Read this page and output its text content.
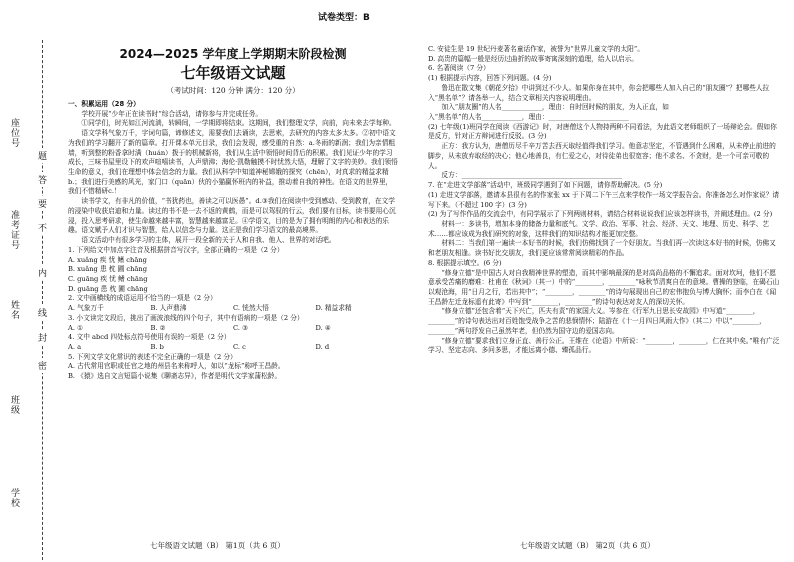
座位号
准考证号
姓名
班级
学校
题
答
要
不
内
线
封
密
试卷类型：B
2024—2025 学年度上学期期末阶段检测
七年级语文试题
（考试时间：120 分钟 满分：120 分）

一、积累运用（28 分）

学校开展“少年正在读书时”综合活动，请你参与并完成任务。

①同学们，时光如江河流淌，转瞬间，一学期即将结束。这期间，我们整理文学，向前，向未来去学每种。

语文学科气象万千，字词句篇，谛修述文，需要我们去诵读，去思索，去研究的内容太多太多。②初中语文为我们的学习翻开了新的篇章。打开课本单元目录，我们会发现，感受重的自然：a.冬雨的新润；我们为亲情粗墙，听到整的粉香拿时满（huán）拨于的机械新将，我们从生活中领悟时间背后的积累。我们见证少年的学习成长，三味书屋里设下的欢声喧嘻读书，人声鼎沸；海伦·凯勒触摸不时忧然大悟，理解了文字的美妙。我们领悟生命的意义，我们在理想中体会信念的力量。我们从科学中知道神秘嫦娥的探究（chēn），对真求的精益求精b.；我们进行美感的风光，家门口（quān）伙的小猫赢怀班内的补益，推动着自我的神性。在语文的世界里，我们不惜精研c.！

读书学文，有非凡的价值，“书犹药也，善读之可以医愚”。d.③我们在阅读中受到感动、受到教育，在文学的浸染中收获启迪和力量。读过的书不是一去不返的黄鹤，而是可以驾驭的行云，我们要有目标，读书要用心沉浸，投入思考研求，使生命越来越丰富，智慧越来越富足。④学语文，目的是为了拥有明朗的内心和表达的乐趣。语文赋予人们才识与智慧，给人以信念与力量。这正是我们学习语文的最高境界。

语文活动中有很多学习的主体，展开一段全新的关于人和自我、他人、世界的对话吧。

1. 下列给文中加点字注音及根据拼音写汉字，全部正确的一项是（2 分）

A. xuǎng 疾 忧 鳍 chāng

B. xuǎng 患 枕 圃 chāng

C. guāng 疾 忧 鳍 chāng

D. guāng 患 枕 圃 chāng

2. 文中画横线的成语运用不恰当的一项是（2 分）

A. 气象万千	B. 人声鼎沸	C. 恍然大悟	D. 精益求精

3. 小文读完文段后，挑出了画波浪线的四个句子，其中有语病的一项是（2 分）

A. ①	B. ②	C. ③	D. ④

4. 文中 abcd 四处标点符号使用有误的一项是（2 分）

A. a	B. b	C. c	D. d

5. 下列文学文化常识的表述不完全正确的一项是（2 分）

A. 古代常用官职或任官之地的州县名来称呼人，如以“龙标”称呼王昌龄。

B. 《猿》选自文言短篇小说集《聊斋志异》，作者是明代文学家蒲松龄。

C. 安徒生是 19 世纪丹麦著名童话作家，被誉为“世界儿童文学的太阳”。

D. 高贵的篇幅一般是经历过曲折的故事寄寓深刻的道理，给人以启示。

6. 名著阅读（7 分）

(1) 根据提示内容，回答下列问题。(4 分)

鲁迅在散文集《朝花夕拾》中讲到过不少人。如果你身在其中，你会把哪些人加入自己的“朋友圈”？把哪些人拉入“黑名单”？请各举一人，结合文章相关内容说明理由。

加入“朋友圈”的人名____________，理由：自时回时候的朋友，为人正直，如

入“黑名单”的人名____________，理由：________________________

(2) 七年级(1)班同学在阅读《西游记》时，对唐僧这个人物持两种不同看法，为此语文老师组织了一场辩论会。假如你是反方，针对正方辩词进行反驳。(3 分)

正方：我方认为，唐僧历尽千辛万苦去西天取经值得我们学习。他意志坚定，不管遇到什么困难，从未停止前进的脚步，从未放弃取经的决心；他心地善良，有仁爱之心，对待徒弟也很宽容；他不求名、不贪财，是一个可亲可敬的人。

反方：________________________________________________

7. 在“走进文学部落”活动中，班级同学遇到了如下问题，请你帮助解决。(5 分)

(1) 走进文学部落，邀请本县很有名的作家张 xx 于下周二下午三点来学校作一场文学报告会。你准备怎么对作家说？请写下来。（不超过 100 字）(3 分)

(2) 为了写作作品的交流会中，有同学展示了下列两则材料，请结合材料说说我们应该怎样读书，并阐述理由。(2 分)

材料一：多读书，增加本身的储备力量和底气。文学、政治、军事、社会、经济、天文、地理、历史、科学、艺术……都应该成为我们研究的对象，这样我们的知识结构才能更加完整。

材料二：当我们第一遍读一本好书的时候，我们仿佛找到了一个好朋友。当我们再一次读这本好书的时候，仿佛又和老朋友相逢。读书好比交朋友，我们更应该常常阅读精彩的作品。

8. 根据提示填空。(6 分)

“修身立德”是中国古人对自我精神世界的塑造，而其中影响最深的是对高尚品格的不懈追求。面对坎坷，他们不愿意承受苦痛的磨难：杜甫在《秋词》（其一）中的“________，________”咏秋节清爽自在的意境。曹操的登临，在碣石山以观沧海，用“日月之行，若出其中”；“________，________”的诗句展现出自己的宏伟抱负与博大胸怀；而李白在《闻王昌龄左迁龙标遥有此寄》中写到“________，________”的诗句表达对友人的深切关怀。

“修身立德”还包含着“天下兴亡，匹夫有责”的家国大义。岑参在《行军九日思长安故园》中写道“________，________”的诗句表达出对百姓饱受战争之苦的悲悯情怀；陆游在《十一月四日风雨大作》（其二）中以“________，________”两句抒发自己虽然年老，但仍然为国守边的爱国志向。

“修身立德”要求我们立身正直、善行公正。王维在《论语》中所说：“________，________，仁在其中矣。”唯有广泛学习、坚定志向、多问多思，才能远离小德、臻孤品行。

七年级语文试题（B） 第1页（共 6 页）	七年级语文试题（B） 第2页（共 6 页）
